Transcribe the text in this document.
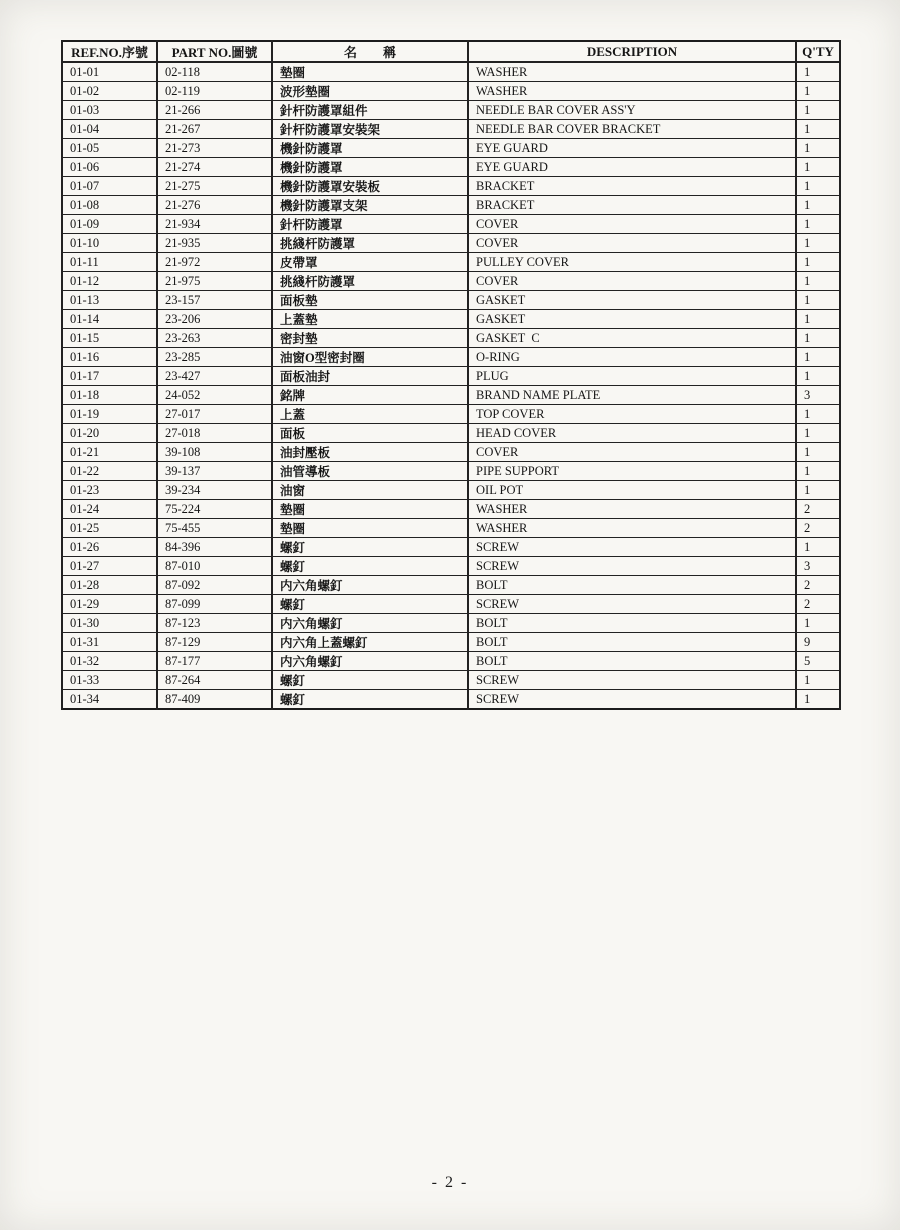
REF.NO.序號	PART NO.圖號	名　　稱	DESCRIPTION	Q'TY
01-01	02-118	墊圈	WASHER	1
01-02	02-119	波形墊圈	WASHER	1
01-03	21-266	針杆防護罩組件	NEEDLE BAR COVER ASS'Y	1
01-04	21-267	針杆防護罩安裝架	NEEDLE BAR COVER BRACKET	1
01-05	21-273	機針防護罩	EYE GUARD	1
01-06	21-274	機針防護罩	EYE GUARD	1
01-07	21-275	機針防護罩安裝板	BRACKET	1
01-08	21-276	機針防護罩支架	BRACKET	1
01-09	21-934	針杆防護罩	COVER	1
01-10	21-935	挑綫杆防護罩	COVER	1
01-11	21-972	皮帶罩	PULLEY COVER	1
01-12	21-975	挑綫杆防護罩	COVER	1
01-13	23-157	面板墊	GASKET	1
01-14	23-206	上蓋墊	GASKET	1
01-15	23-263	密封墊	GASKET  C	1
01-16	23-285	油窗O型密封圈	O-RING	1
01-17	23-427	面板油封	PLUG	1
01-18	24-052	銘牌	BRAND NAME PLATE	3
01-19	27-017	上蓋	TOP COVER	1
01-20	27-018	面板	HEAD COVER	1
01-21	39-108	油封壓板	COVER	1
01-22	39-137	油管導板	PIPE SUPPORT	1
01-23	39-234	油窗	OIL POT	1
01-24	75-224	墊圈	WASHER	2
01-25	75-455	墊圈	WASHER	2
01-26	84-396	螺釘	SCREW	1
01-27	87-010	螺釘	SCREW	3
01-28	87-092	内六角螺釘	BOLT	2
01-29	87-099	螺釘	SCREW	2
01-30	87-123	内六角螺釘	BOLT	1
01-31	87-129	内六角上蓋螺釘	BOLT	9
01-32	87-177	内六角螺釘	BOLT	5
01-33	87-264	螺釘	SCREW	1
01-34	87-409	螺釘	SCREW	1
- 2 -
